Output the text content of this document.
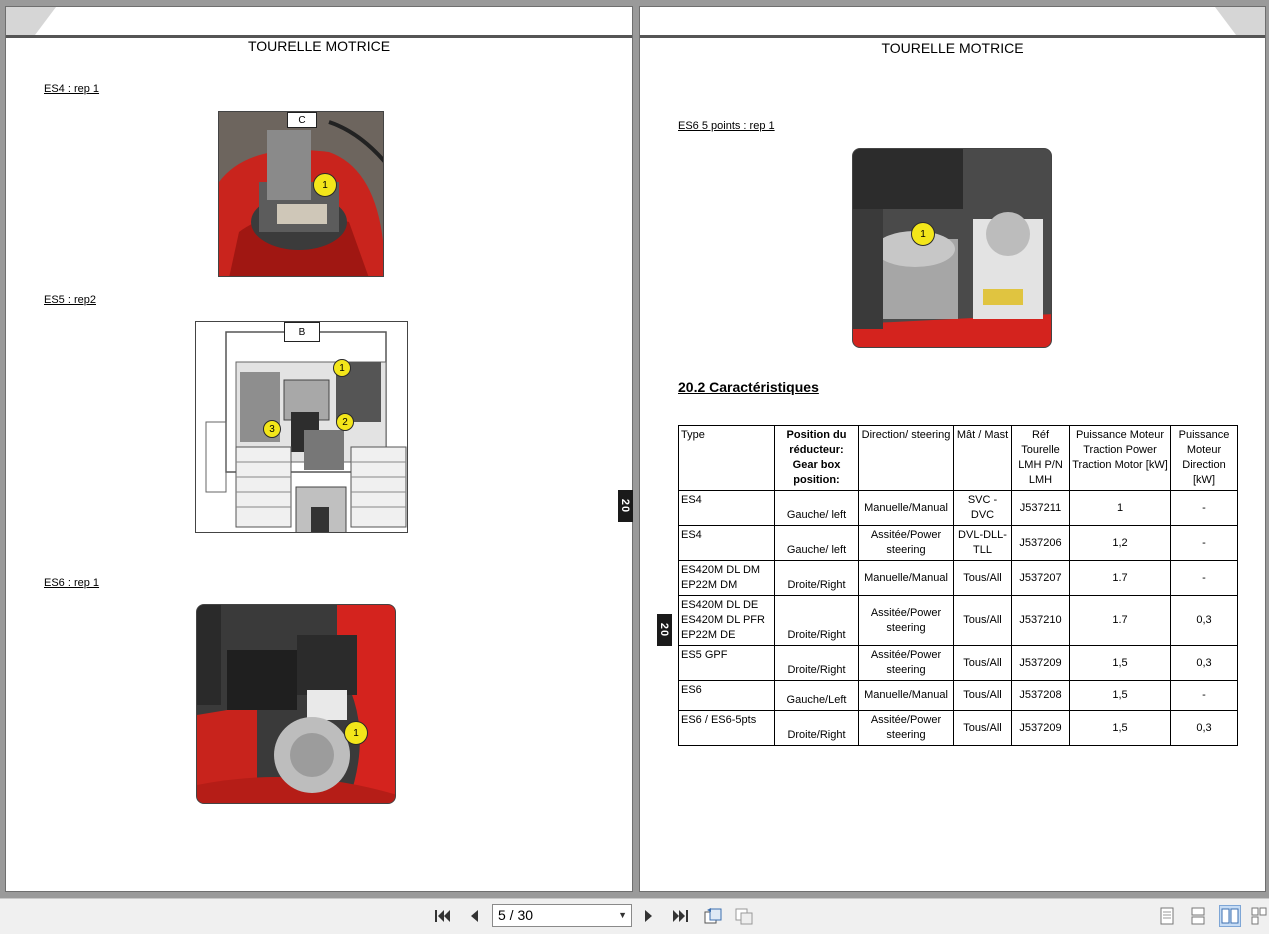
TOURELLE MOTRICE
ES4 : rep 1
C
1
ES5 : rep2
B
1
2
3
ES6 : rep 1
1
20
TOURELLE MOTRICE
ES6 5 points : rep 1
1
20.2 Caractéristiques
Type	Position du réducteur: Gear box position:	Direction/ steering	Mât / Mast	Réf Tourelle LMH P/N LMH	Puissance Moteur Traction Power Traction Motor [kW]	Puissance Moteur Direction [kW]
ES4	Gauche/ left	Manuelle/Manual	SVC - DVC	J537211	1	-
ES4	Gauche/ left	Assitée/Power steering	DVL-DLL-TLL	J537206	1,2	-
ES420M DL DM EP22M DM	Droite/Right	Manuelle/Manual	Tous/All	J537207	1.7	-
ES420M DL DE ES420M DL PFR EP22M DE	Droite/Right	Assitée/Power steering	Tous/All	J537210	1.7	0,3
ES5 GPF	Droite/Right	Assitée/Power steering	Tous/All	J537209	1,5	0,3
ES6	Gauche/Left	Manuelle/Manual	Tous/All	J537208	1,5	-
ES6 / ES6-5pts	Droite/Right	Assitée/Power steering	Tous/All	J537209	1,5	0,3
20
5 / 30	▼
